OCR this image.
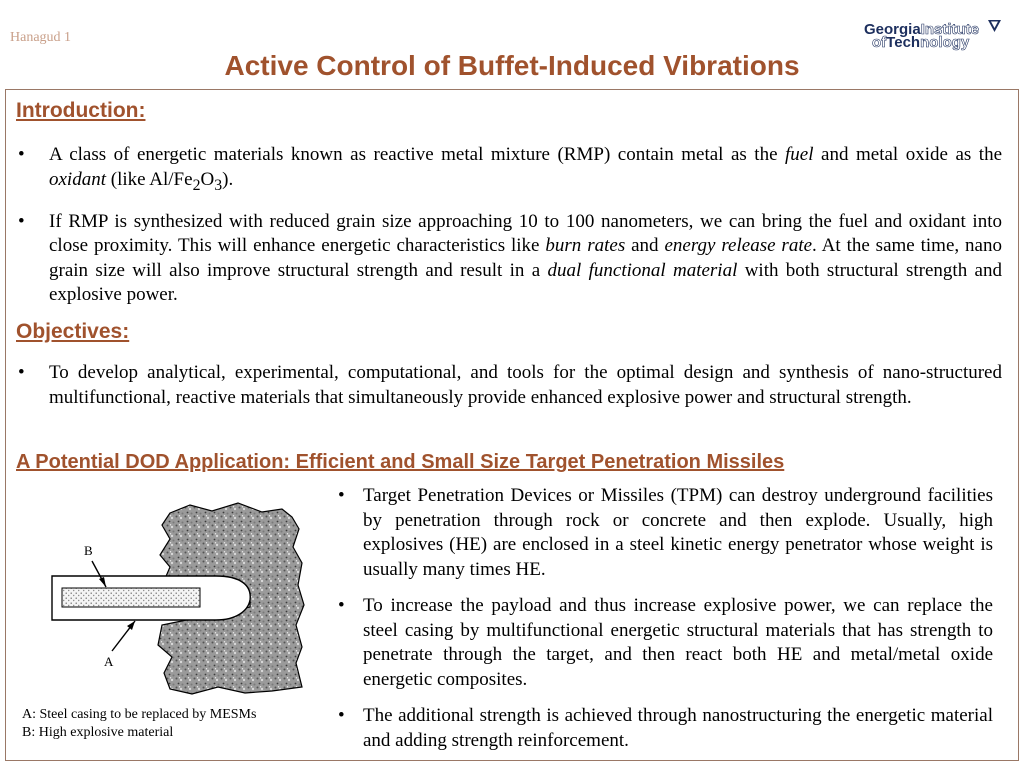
Hanagud 1	GeorgiaInstitute
ofTechnology
Active Control of Buffet-Induced Vibrations
Introduction:
• A class of energetic materials known as reactive metal mixture (RMP) contain metal as the fuel and metal oxide as the oxidant (like $Al/Fe_2O_3$).
• If RMP is synthesized with reduced grain size approaching 10 to 100 nanometers, we can bring the fuel and oxidant into close proximity. This will enhance energetic characteristics like burn rates and energy release rate. At the same time, nano grain size will also improve structural strength and result in a dual functional material with both structural strength and explosive power.
Objectives:
• To develop analytical, experimental, computational, and tools for the optimal design and synthesis of nano-structured multifunctional, reactive materials that simultaneously provide enhanced explosive power and structural strength.
A Potential DOD Application: Efficient and Small Size Target Penetration Missiles
• Target Penetration Devices or Missiles (TPM) can destroy underground facilities by penetration through rock or concrete and then explode. Usually, high explosives (HE) are enclosed in a steel kinetic energy penetrator whose weight is usually many times HE.
• To increase the payload and thus increase explosive power, we can replace the steel casing by multifunctional energetic structural materials that has strength to penetrate through the target, and then react both HE and metal/metal oxide energetic composites.
• The additional strength is achieved through nanostructuring the energetic material and adding strength reinforcement.
B
A
A: Steel casing to be replaced by MESMs
B: High explosive material
